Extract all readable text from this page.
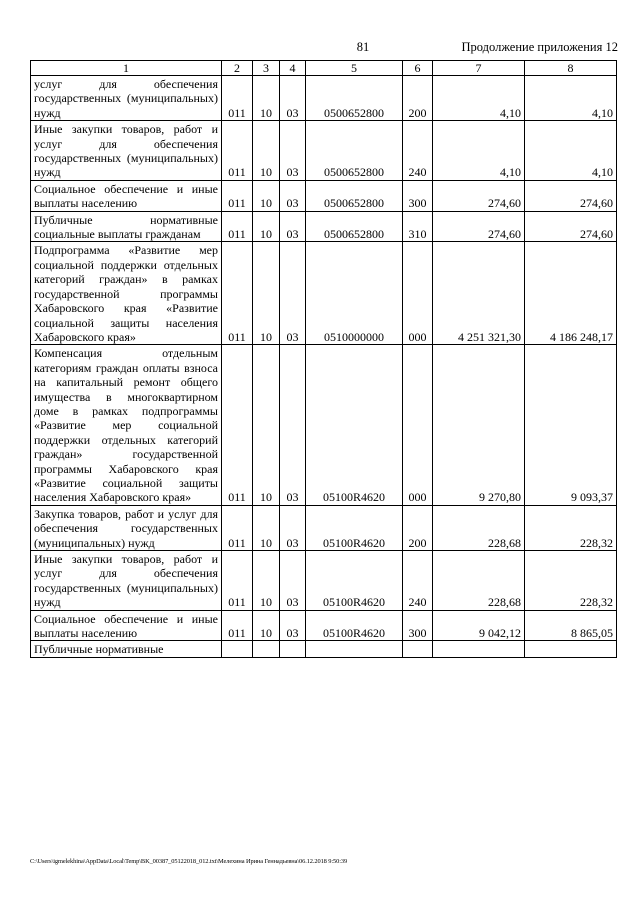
81	Продолжение приложения 12
1	2	3	4	5	6	7	8
услуг для обеспечения государственных (муниципальных) нужд	011	10	03	0500652800	200	4,10	4,10
Иные закупки товаров, работ и услуг для обеспечения государственных (муниципальных) нужд	011	10	03	0500652800	240	4,10	4,10
Социальное обеспечение и иные выплаты населению	011	10	03	0500652800	300	274,60	274,60
Публичные нормативные социальные выплаты гражданам	011	10	03	0500652800	310	274,60	274,60
Подпрограмма «Развитие мер социальной поддержки отдельных категорий граждан» в рамках государственной программы Хабаровского края «Развитие социальной защиты населения Хабаровского края»	011	10	03	0510000000	000	4 251 321,30	4 186 248,17
Компенсация отдельным категориям граждан оплаты взноса на капитальный ремонт общего имущества в многоквартирном доме в рамках подпрограммы «Развитие мер социальной поддержки отдельных категорий граждан» государственной программы Хабаровского края «Развитие социальной защиты населения Хабаровского края»	011	10	03	05100R4620	000	9 270,80	9 093,37
Закупка товаров, работ и услуг для обеспечения государственных (муниципальных) нужд	011	10	03	05100R4620	200	228,68	228,32
Иные закупки товаров, работ и услуг для обеспечения государственных (муниципальных) нужд	011	10	03	05100R4620	240	228,68	228,32
Социальное обеспечение и иные выплаты населению	011	10	03	05100R4620	300	9 042,12	8 865,05
Публичные нормативные							
C:\Users\igmelekhina\AppData\Local\Temp\BK_00387_05122018_012.txt\Мелехина Ирина Геннадьевна\06.12.2018 9:50:39
